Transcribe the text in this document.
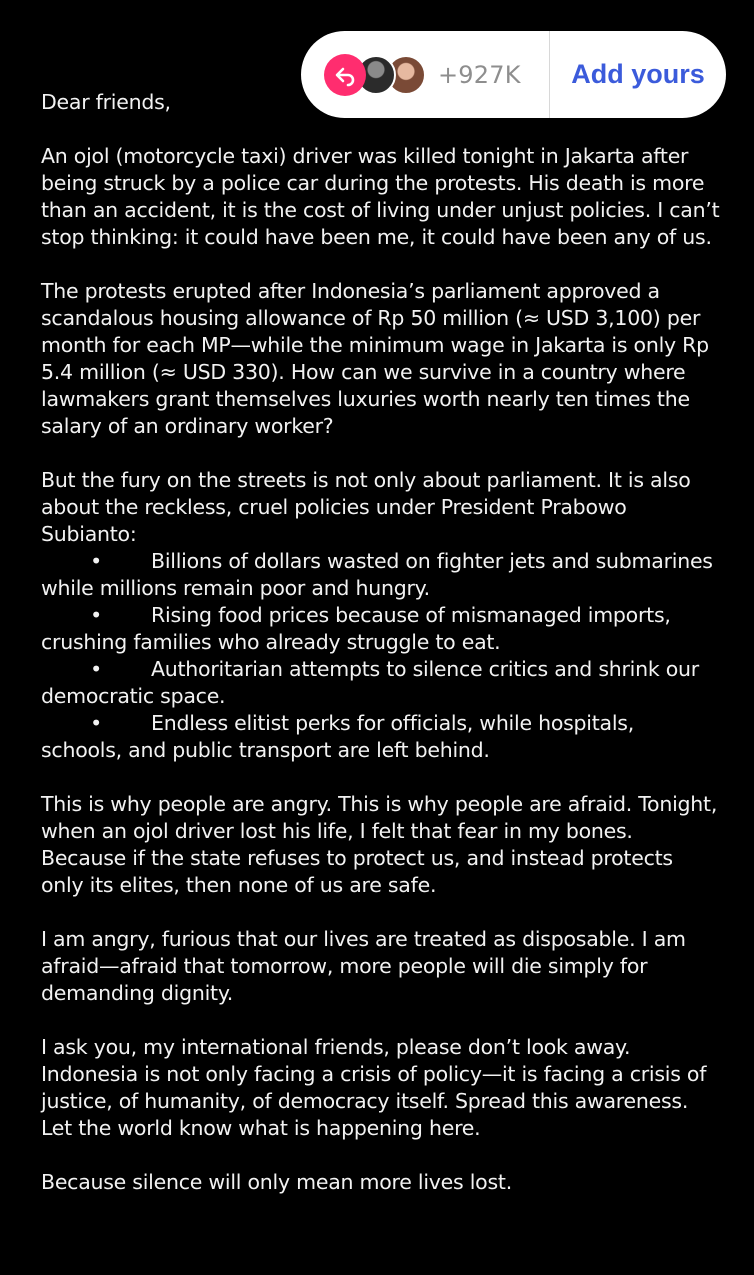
+927K	Add yours

Dear friends,

An ojol (motorcycle taxi) driver was killed tonight in Jakarta after being struck by a police car during the protests. His death is more than an accident, it is the cost of living under unjust policies. I can’t stop thinking: it could have been me, it could have been any of us.

The protests erupted after Indonesia’s parliament approved a scandalous housing allowance of Rp 50 million (≈ USD 3,100) per month for each MP—while the minimum wage in Jakarta is only Rp 5.4 million (≈ USD 330). How can we survive in a country where lawmakers grant themselves luxuries worth nearly ten times the salary of an ordinary worker?

But the fury on the streets is not only about parliament. It is also about the reckless, cruel policies under President Prabowo Subianto:

• Billions of dollars wasted on fighter jets and submarines while millions remain poor and hungry.
• Rising food prices because of mismanaged imports, crushing families who already struggle to eat.
• Authoritarian attempts to silence critics and shrink our democratic space.
• Endless elitist perks for officials, while hospitals, schools, and public transport are left behind.

This is why people are angry. This is why people are afraid. Tonight, when an ojol driver lost his life, I felt that fear in my bones. Because if the state refuses to protect us, and instead protects only its elites, then none of us are safe.

I am angry, furious that our lives are treated as disposable. I am afraid—afraid that tomorrow, more people will die simply for demanding dignity.

I ask you, my international friends, please don’t look away. Indonesia is not only facing a crisis of policy—it is facing a crisis of justice, of humanity, of democracy itself. Spread this awareness. Let the world know what is happening here.

Because silence will only mean more lives lost.
